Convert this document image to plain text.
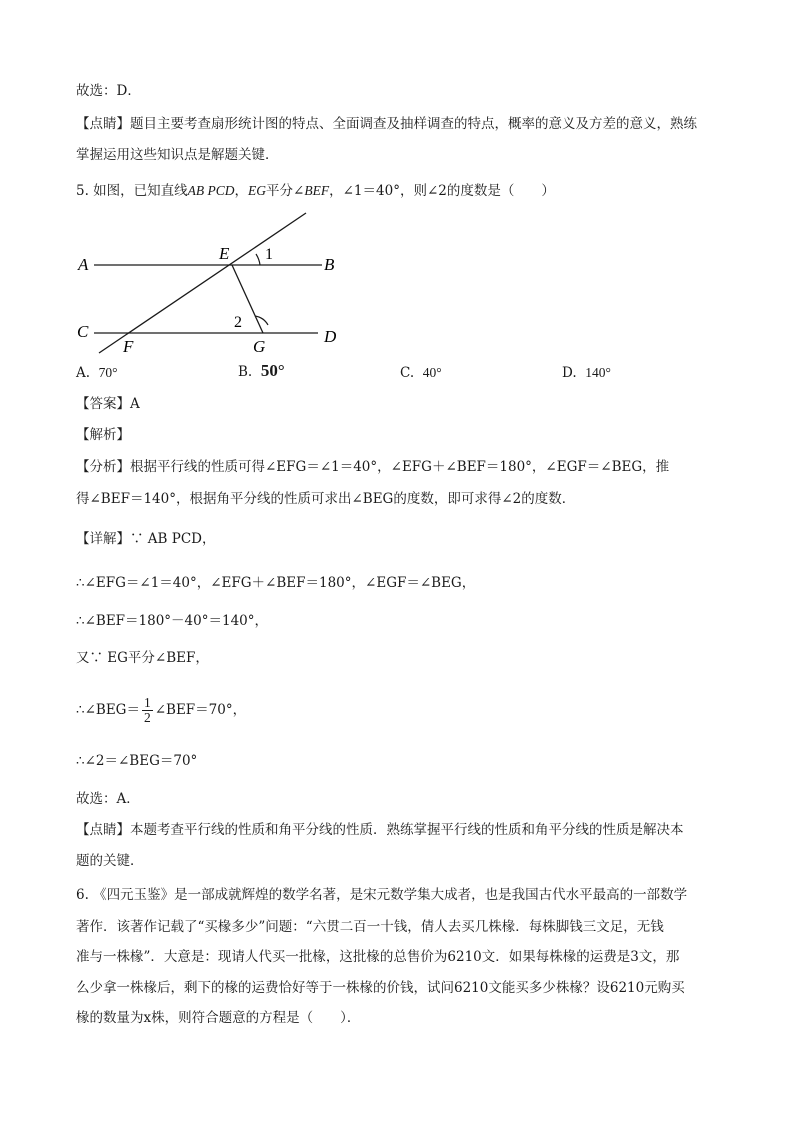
故选：D．
【点睛】题目主要考查扇形统计图的特点、全面调查及抽样调查的特点，概率的意义及方差的意义，熟练
掌握运用这些知识点是解题关键．
5. 如图，已知直线AB PCD，EG平分∠BEF，∠1＝40°，则∠2的度数是（　　）
A	B
C	D
E
F	G
1
2
A. 70°	B. 50°	C. 40°	D. 140°
【答案】A
【解析】
【分析】根据平行线的性质可得∠EFG＝∠1＝40°，∠EFG＋∠BEF＝180°，∠EGF＝∠BEG，推
得∠BEF＝140°，根据角平分线的性质可求出∠BEG的度数，即可求得∠2的度数．
【详解】∵ AB PCD，
∴∠EFG＝∠1＝40°，∠EFG＋∠BEF＝180°，∠EGF＝∠BEG，
∴∠BEF＝180°－40°＝140°，
又∵ EG平分∠BEF，
∴∠BEG＝ $\frac{1}{2}$ ∠BEF＝70°，
∴∠2＝∠BEG＝70°
故选：A．
【点睛】本题考查平行线的性质和角平分线的性质．熟练掌握平行线的性质和角平分线的性质是解决本
题的关键．
6. 《四元玉鉴》是一部成就辉煌的数学名著，是宋元数学集大成者，也是我国古代水平最高的一部数学
著作．该著作记载了“买椽多少”问题：“六贯二百一十钱，倩人去买几株椽．每株脚钱三文足，无钱
准与一株椽”．大意是：现请人代买一批椽，这批椽的总售价为6210文．如果每株椽的运费是3文，那
么少拿一株椽后，剩下的椽的运费恰好等于一株椽的价钱，试问6210文能买多少株椽？设6210元购买
椽的数量为x株，则符合题意的方程是（　　）．
